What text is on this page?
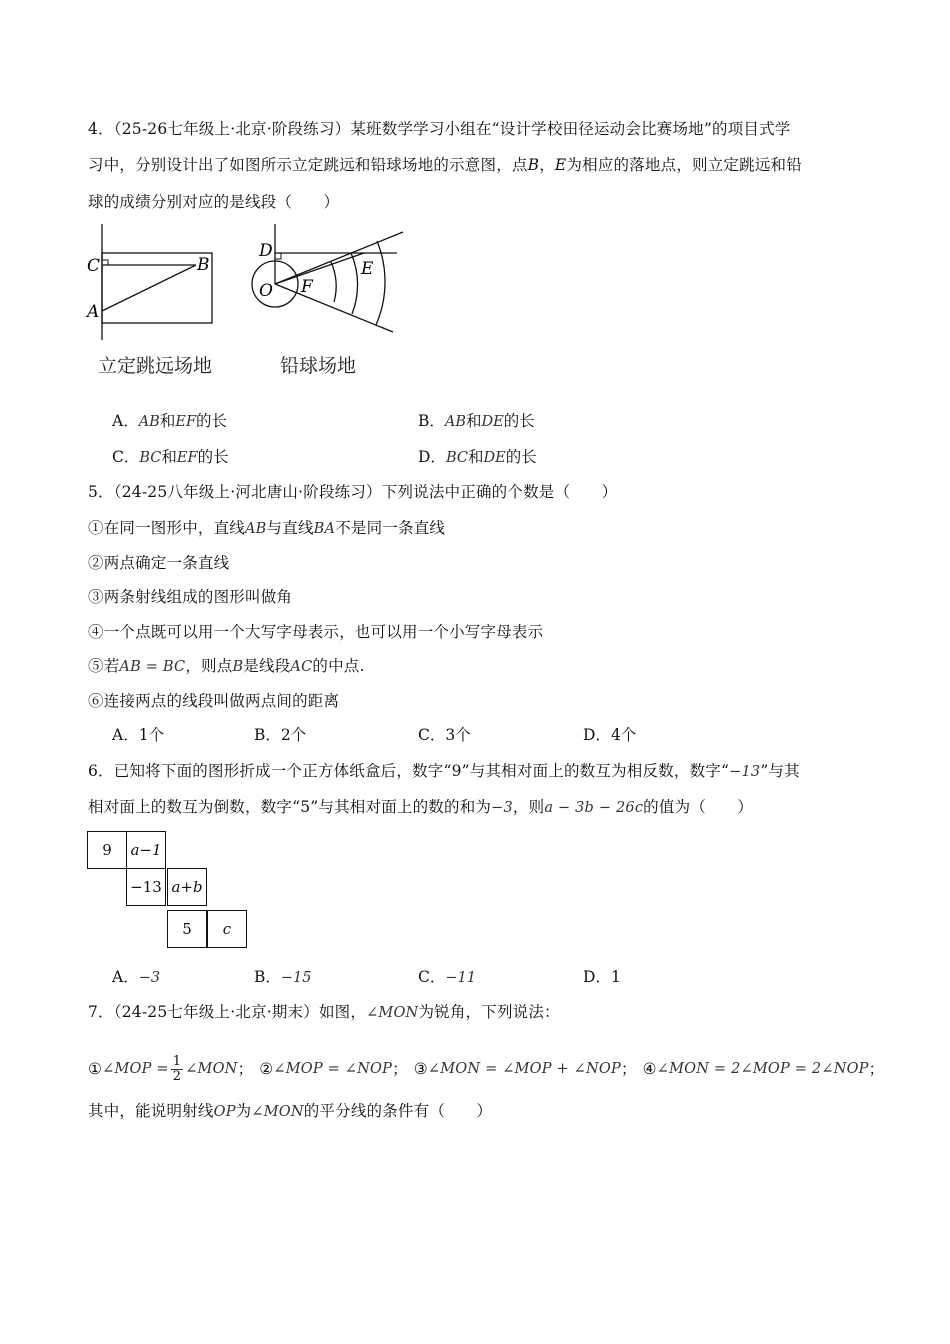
4．（25-26七年级上·北京·阶段练习）某班数学学习小组在“设计学校田径运动会比赛场地”的项目式学
习中，分别设计出了如图所示立定跳远和铅球场地的示意图，点B，E为相应的落地点，则立定跳远和铅
球的成绩分别对应的是线段（　　）
C	B
A
立定跳远场地
D
E
O F
铅球场地
A．AB和EF的长	B．AB和DE的长
C．BC和EF的长	D．BC和DE的长
5．（24-25八年级上·河北唐山·阶段练习）下列说法中正确的个数是（　　）
①在同一图形中，直线AB与直线BA不是同一条直线
②两点确定一条直线
③两条射线组成的图形叫做角
④一个点既可以用一个大写字母表示，也可以用一个小写字母表示
⑤若AB = BC，则点B是线段AC的中点.
⑥连接两点的线段叫做两点间的距离
A．1个	B．2个	C．3个	D．4个
6．已知将下面的图形折成一个正方体纸盒后，数字“9”与其相对面上的数互为相反数，数字“−13”与其
相对面上的数互为倒数，数字“5”与其相对面上的数的和为−3，则a − 3b − 26c的值为（　　）
9	a−1
−13 a+b
5	c
A．−3	B．−15	C．−11	D．1
7．（24-25七年级上·北京·期末）如图，∠MON为锐角，下列说法：
① ∠MOP = $\frac{1}{2}$ ∠MON ； ② ∠MOP = ∠NOP ； ③ ∠MON = ∠MOP + ∠NOP ； ④ ∠MON = 2∠MOP = 2∠NOP ；
其中，能说明射线OP为∠MON的平分线的条件有（　　）
